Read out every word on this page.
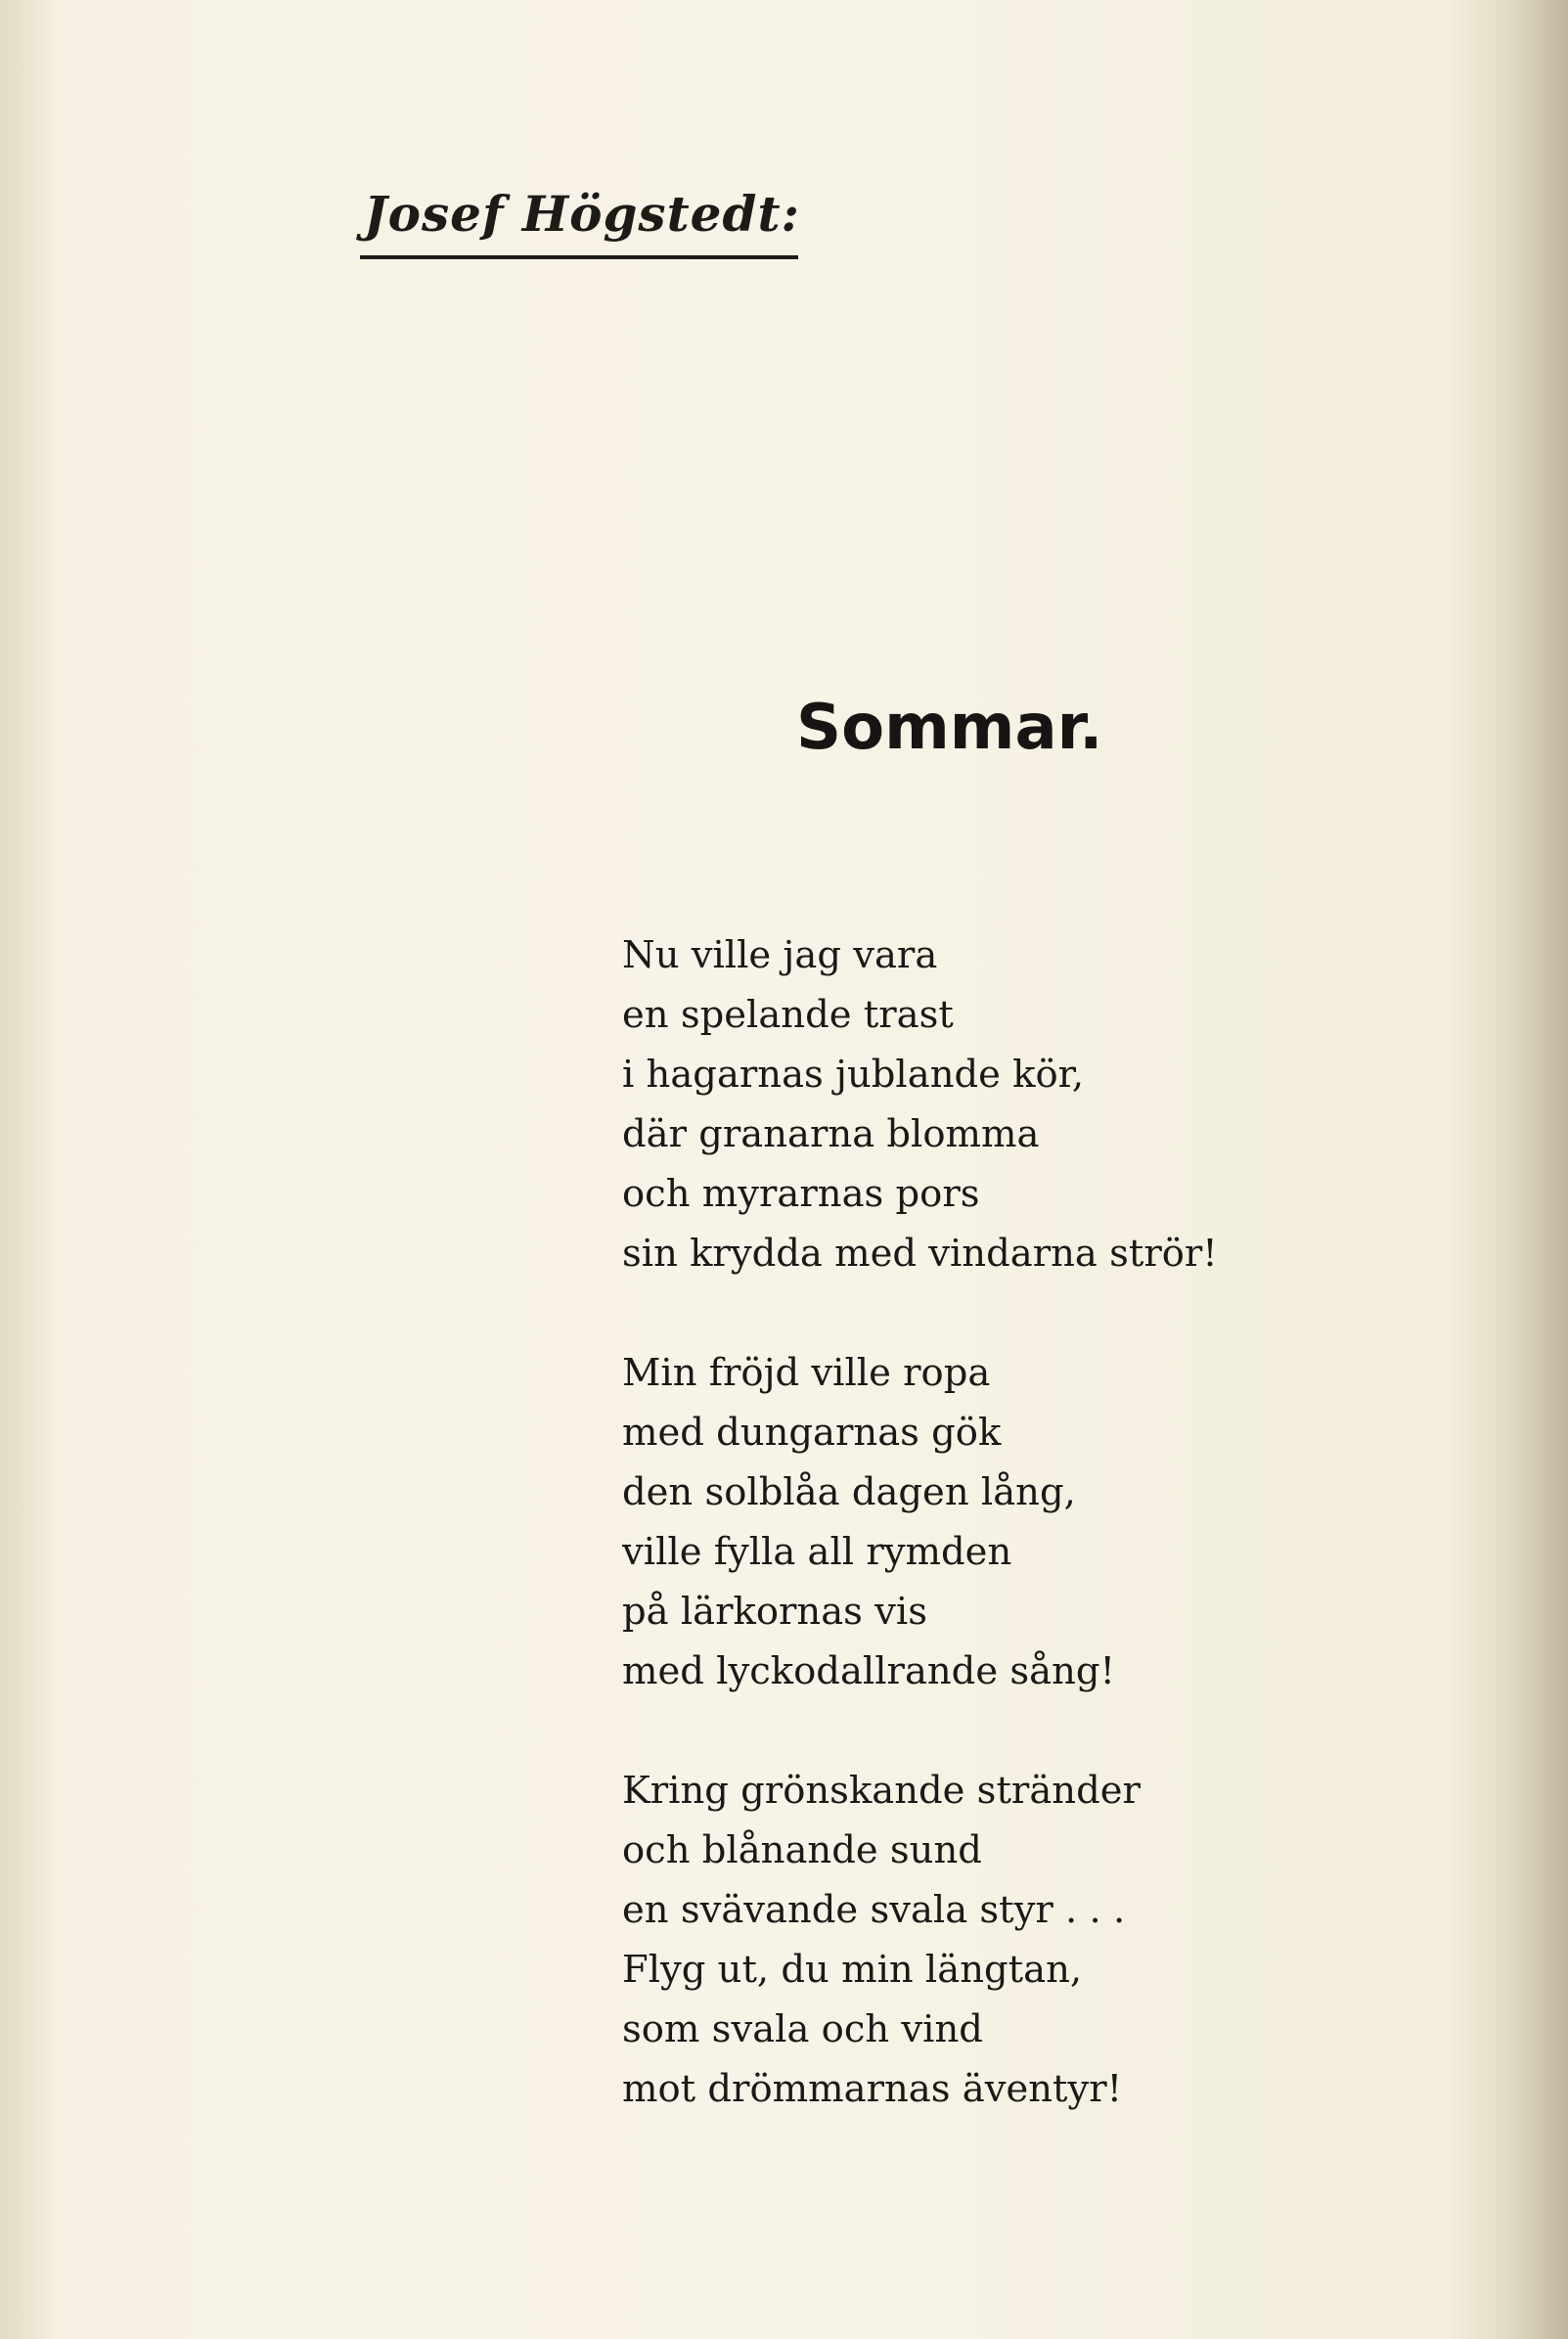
Josef Högstedt:
Sommar.
Nu ville jag vara
en spelande trast
i hagarnas jublande kör,
där granarna blomma
och myrarnas pors
sin krydda med vindarna strör!
Min fröjd ville ropa
med dungarnas gök
den solblåa dagen lång,
ville fylla all rymden
på lärkornas vis
med lyckodallrande sång!
Kring grönskande stränder
och blånande sund
en svävande svala styr . . .
Flyg ut, du min längtan,
som svala och vind
mot drömmarnas äventyr!
